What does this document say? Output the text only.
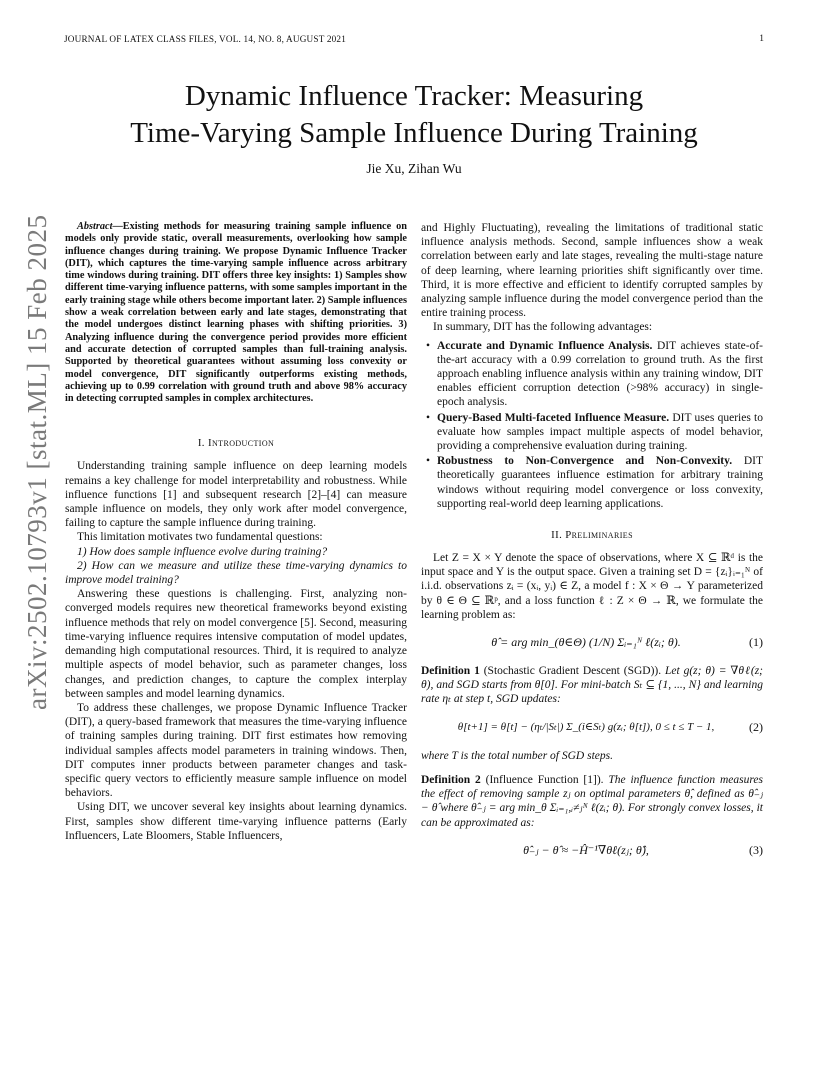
JOURNAL OF LATEX CLASS FILES, VOL. 14, NO. 8, AUGUST 2021	1
Dynamic Influence Tracker: Measuring
Time-Varying Sample Influence During Training
Jie Xu, Zihan Wu
arXiv:2502.10793v1 [stat.ML] 15 Feb 2025	Abstract—Existing methods for measuring training sample influence on models only provide static, overall measurements, overlooking how sample influence changes during training. We propose Dynamic Influence Tracker (DIT), which captures the time-varying sample influence across arbitrary time windows during training. DIT offers three key insights: 1) Samples show different time-varying influence patterns, with some samples important in the early training stage while others become important later. 2) Sample influences show a weak correlation between early and late stages, demonstrating that the model undergoes distinct learning phases with shifting priorities. 3) Analyzing influence during the convergence period provides more efficient and accurate detection of corrupted samples than full-training analysis. Supported by theoretical guarantees without assuming loss convexity or model convergence, DIT significantly outperforms existing methods, achieving up to 0.99 correlation with ground truth and above 98% accuracy in detecting corrupted samples in complex architectures.

I. Introduction

Understanding training sample influence on deep learning models remains a key challenge for model interpretability and robustness. While influence functions [1] and subsequent research [2]–[4] can measure sample influence on models, they only work after model convergence, failing to capture the sample influence during training.

This limitation motivates two fundamental questions:

1) How does sample influence evolve during training?

2) How can we measure and utilize these time-varying dynamics to improve model training?

Answering these questions is challenging. First, analyzing non-converged models requires new theoretical frameworks beyond existing influence methods that rely on model convergence [5]. Second, measuring time-varying influence requires intensive computation of model updates, demanding high computational resources. Third, it is required to analyze multiple aspects of model behavior, such as parameter changes, loss changes, and prediction changes, to capture the complex interplay between samples and model learning dynamics.

To address these challenges, we propose Dynamic Influence Tracker (DIT), a query-based framework that measures the time-varying influence of training samples during training. DIT first estimates how removing individual samples affects model parameters in training windows. Then, DIT computes inner products between parameter changes and task-specific query vectors to efficiently measure sample influence on model behaviors.

Using DIT, we uncover several key insights about learning dynamics. First, samples show different time-varying influence patterns (Early Influencers, Late Bloomers, Stable Influencers,

and Highly Fluctuating), revealing the limitations of traditional static influence analysis methods. Second, sample influences show a weak correlation between early and late stages, revealing the multi-stage nature of deep learning, where learning priorities shift significantly over time. Third, it is more effective and efficient to identify corrupted samples by analyzing sample influence during the model convergence period than the entire training process.

In summary, DIT has the following advantages:

• Accurate and Dynamic Influence Analysis. DIT achieves state-of-the-art accuracy with a 0.99 correlation to ground truth. As the first approach enabling influence analysis within any training window, DIT enables efficient corruption detection (>98% accuracy) in single-epoch analysis.
• Query-Based Multi-faceted Influence Measure. DIT uses queries to evaluate how samples impact multiple aspects of model behavior, providing a comprehensive evaluation during training.
• Robustness to Non-Convergence and Non-Convexity. DIT theoretically guarantees influence estimation for arbitrary training windows without requiring model convergence or loss convexity, supporting real-world deep learning applications.
II. Preliminaries

Let Z = X × Y denote the space of observations, where X ⊆ ℝᵈ is the input space and Y is the output space. Given a training set D = {zᵢ}ᵢ₌₁ᴺ of i.i.d. observations zᵢ = (xᵢ, yᵢ) ∈ Z, a model f : X × Θ → Y parameterized by θ ∈ Θ ⊆ ℝᵖ, and a loss function ℓ : Z × Θ → ℝ, we formulate the learning problem as:

θ̂ = arg min_(θ∈Θ) (1/N) Σᵢ₌₁ᴺ ℓ(zᵢ; θ).	(1)

Definition 1 (Stochastic Gradient Descent (SGD)). Let g(z; θ) = ∇θℓ(z; θ), and SGD starts from θ[0]. For mini-batch Sₜ ⊆ {1, ..., N} and learning rate ηₜ at step t, SGD updates:

θ[t+1] = θ[t] − (ηₜ/|Sₜ|) Σ_(i∈Sₜ) g(zᵢ; θ[t]), 0 ≤ t ≤ T − 1,	(2)

where T is the total number of SGD steps.

Definition 2 (Influence Function [1]). The influence function measures the effect of removing sample zⱼ on optimal parameters θ̂, defined as θ̂₋ⱼ − θ̂ where θ̂₋ⱼ = arg min_θ Σᵢ₌₁,ᵢ≠ⱼᴺ ℓ(zᵢ; θ). For strongly convex losses, it can be approximated as:

θ̂₋ⱼ − θ̂ ≈ −Ĥ⁻¹∇θℓ(zⱼ; θ̂),	(3)
